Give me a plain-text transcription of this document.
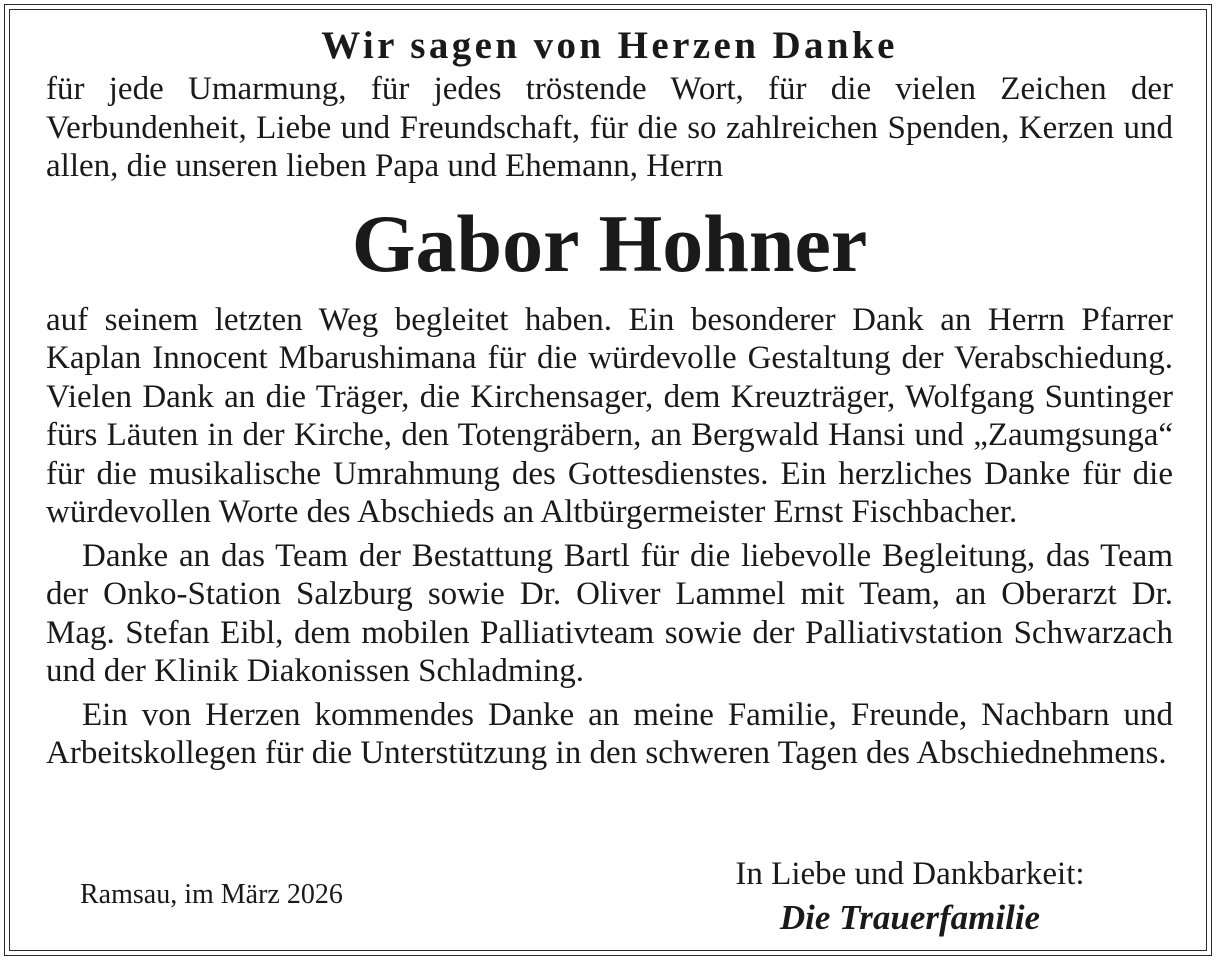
Wir sagen von Herzen Danke

für jede Umarmung, für jedes tröstende Wort, für die vielen Zeichen der Verbundenheit, Liebe und Freundschaft, für die so zahlreichen Spenden, Kerzen und allen, die unseren lieben Papa und Ehemann, Herrn

Gabor Hohner

auf seinem letzten Weg begleitet haben. Ein besonderer Dank an Herrn Pfarrer Kaplan Innocent Mbarushimana für die würdevolle Gestaltung der Verabschiedung. Vielen Dank an die Träger, die Kirchensager, dem Kreuzträger, Wolfgang Suntinger fürs Läuten in der Kirche, den Totengräbern, an Bergwald Hansi und „Zaumgsunga“ für die musikalische Umrahmung des Gottesdienstes. Ein herzliches Danke für die würdevollen Worte des Abschieds an Altbürgermeister Ernst Fischbacher.

Danke an das Team der Bestattung Bartl für die liebevolle Begleitung, das Team der Onko-Station Salzburg sowie Dr. Oliver Lammel mit Team, an Oberarzt Dr. Mag. Stefan Eibl, dem mobilen Palliativteam sowie der Palliativstation Schwarzach und der Klinik Diakonissen Schladming.

Ein von Herzen kommendes Danke an meine Familie, Freunde, Nachbarn und Arbeitskollegen für die Unterstützung in den schweren Tagen des Abschiednehmens.

Ramsau, im März 2026
In Liebe und Dankbarkeit:
Die Trauerfamilie
